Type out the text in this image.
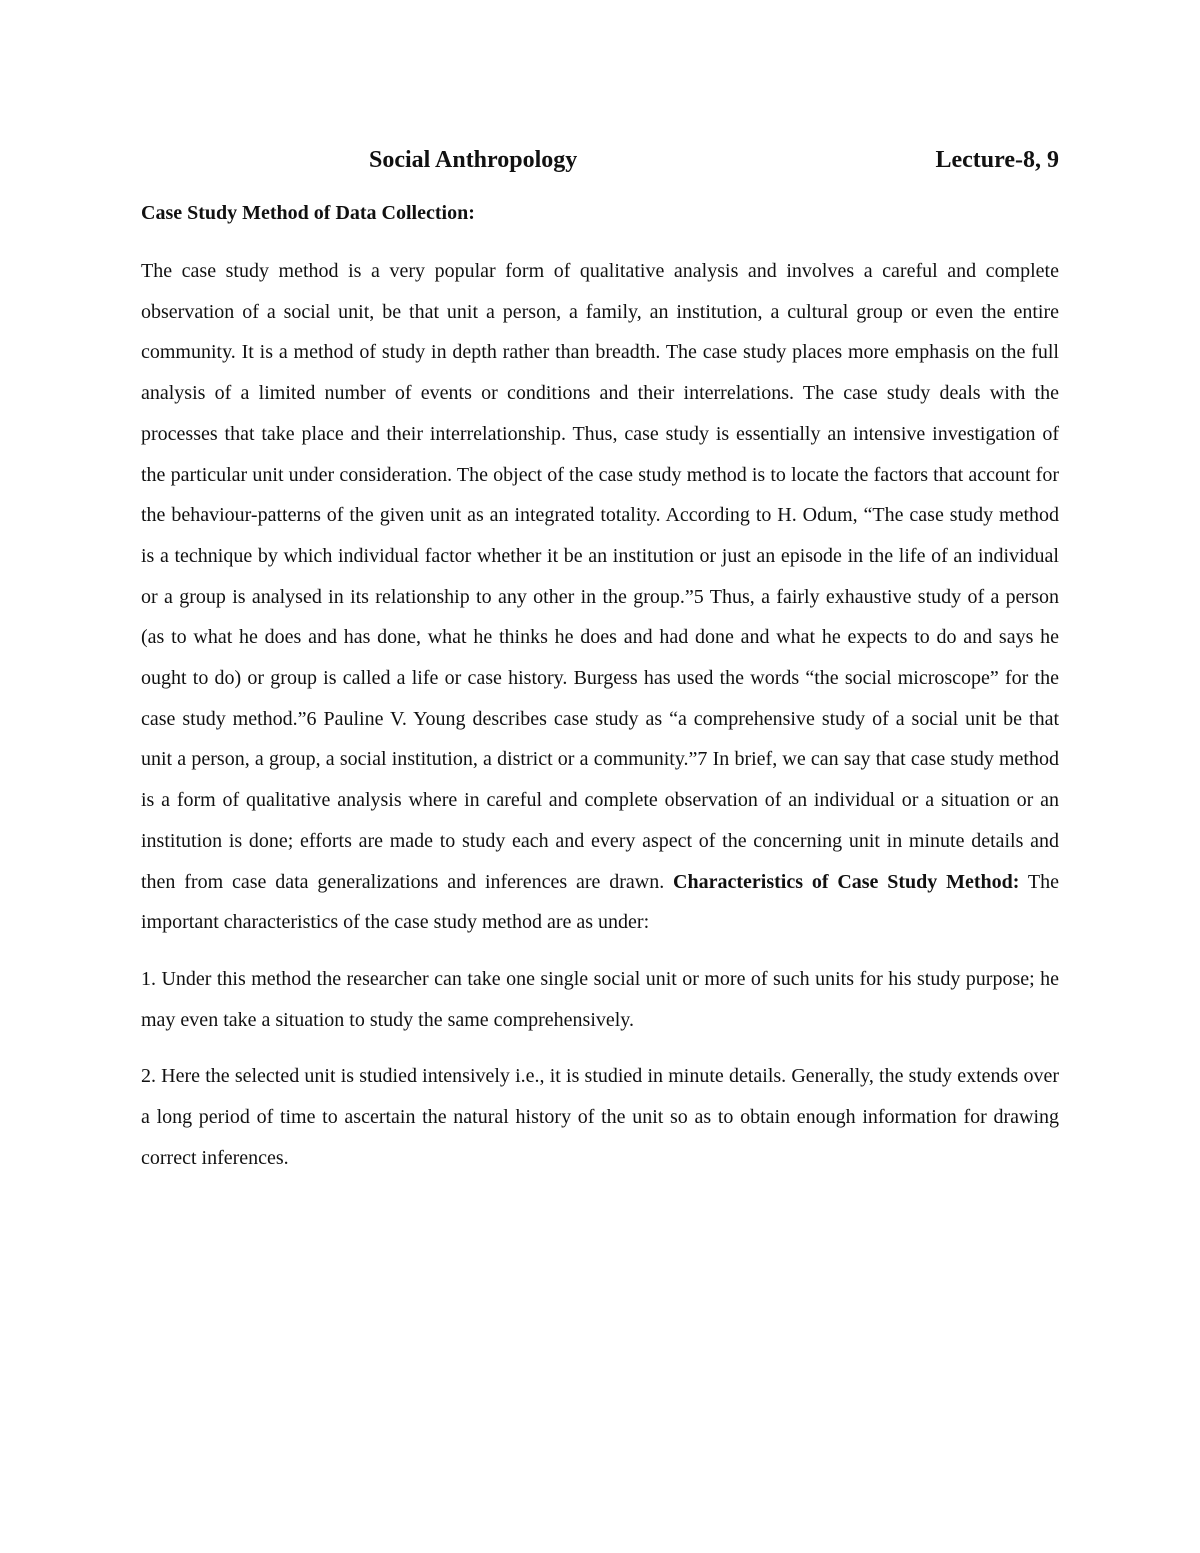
Social Anthropology	Lecture-8, 9
Case Study Method of Data Collection:

The case study method is a very popular form of qualitative analysis and involves a careful and complete observation of a social unit, be that unit a person, a family, an institution, a cultural group or even the entire community. It is a method of study in depth rather than breadth. The case study places more emphasis on the full analysis of a limited number of events or conditions and their interrelations. The case study deals with the processes that take place and their interrelationship. Thus, case study is essentially an intensive investigation of the particular unit under consideration. The object of the case study method is to locate the factors that account for the behaviour-patterns of the given unit as an integrated totality. According to H. Odum, “The case study method is a technique by which individual factor whether it be an institution or just an episode in the life of an individual or a group is analysed in its relationship to any other in the group.”5 Thus, a fairly exhaustive study of a person (as to what he does and has done, what he thinks he does and had done and what he expects to do and says he ought to do) or group is called a life or case history. Burgess has used the words “the social microscope” for the case study method.”6 Pauline V. Young describes case study as “a comprehensive study of a social unit be that unit a person, a group, a social institution, a district or a community.”7 In brief, we can say that case study method is a form of qualitative analysis where in careful and complete observation of an individual or a situation or an institution is done; efforts are made to study each and every aspect of the concerning unit in minute details and then from case data generalizations and inferences are drawn. Characteristics of Case Study Method: The important characteristics of the case study method are as under:

1. Under this method the researcher can take one single social unit or more of such units for his study purpose; he may even take a situation to study the same comprehensively.

2. Here the selected unit is studied intensively i.e., it is studied in minute details. Generally, the study extends over a long period of time to ascertain the natural history of the unit so as to obtain enough information for drawing correct inferences.
